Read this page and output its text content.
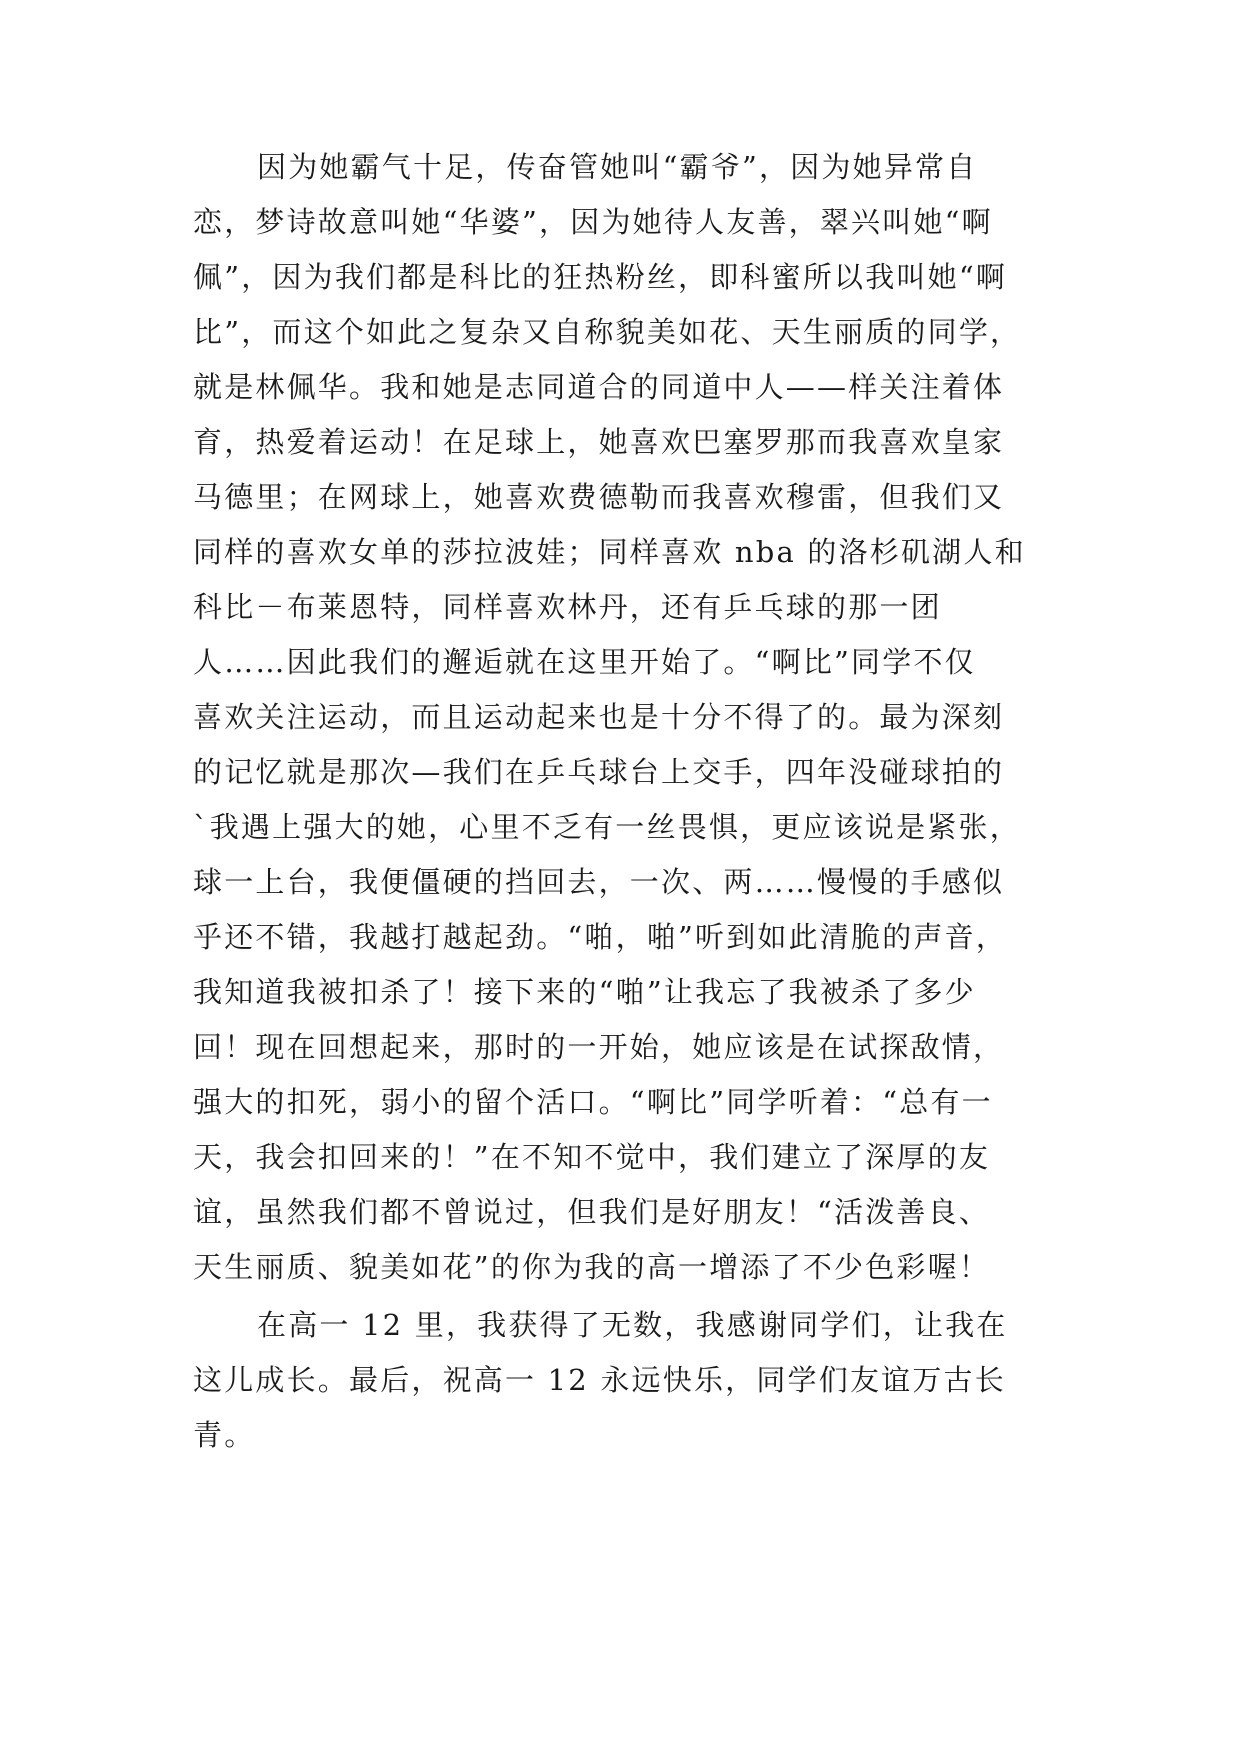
因为她霸气十足，传奋管她叫“霸爷”，因为她异常自
恋，梦诗故意叫她“华婆”，因为她待人友善，翠兴叫她“啊
佩”，因为我们都是科比的狂热粉丝，即科蜜所以我叫她“啊
比”，而这个如此之复杂又自称貌美如花、天生丽质的同学，
就是林佩华。我和她是志同道合的同道中人——样关注着体
育，热爱着运动！在足球上，她喜欢巴塞罗那而我喜欢皇家
马德里；在网球上，她喜欢费德勒而我喜欢穆雷，但我们又
同样的喜欢女单的莎拉波娃；同样喜欢 nba 的洛杉矶湖人和
科比－布莱恩特，同样喜欢林丹，还有乒乓球的那一团
人……因此我们的邂逅就在这里开始了。“啊比”同学不仅
喜欢关注运动，而且运动起来也是十分不得了的。最为深刻
的记忆就是那次—我们在乒乓球台上交手，四年没碰球拍的
`我遇上强大的她，心里不乏有一丝畏惧，更应该说是紧张，
球一上台，我便僵硬的挡回去，一次、两……慢慢的手感似
乎还不错，我越打越起劲。“啪，啪”听到如此清脆的声音，
我知道我被扣杀了！接下来的“啪”让我忘了我被杀了多少
回！现在回想起来，那时的一开始，她应该是在试探敌情，
强大的扣死，弱小的留个活口。“啊比”同学听着：“总有一
天，我会扣回来的！”在不知不觉中，我们建立了深厚的友
谊，虽然我们都不曾说过，但我们是好朋友！“活泼善良、
天生丽质、貌美如花”的你为我的高一增添了不少色彩喔！
在高一 12 里，我获得了无数，我感谢同学们，让我在
这儿成长。最后，祝高一 12 永远快乐，同学们友谊万古长
青。
